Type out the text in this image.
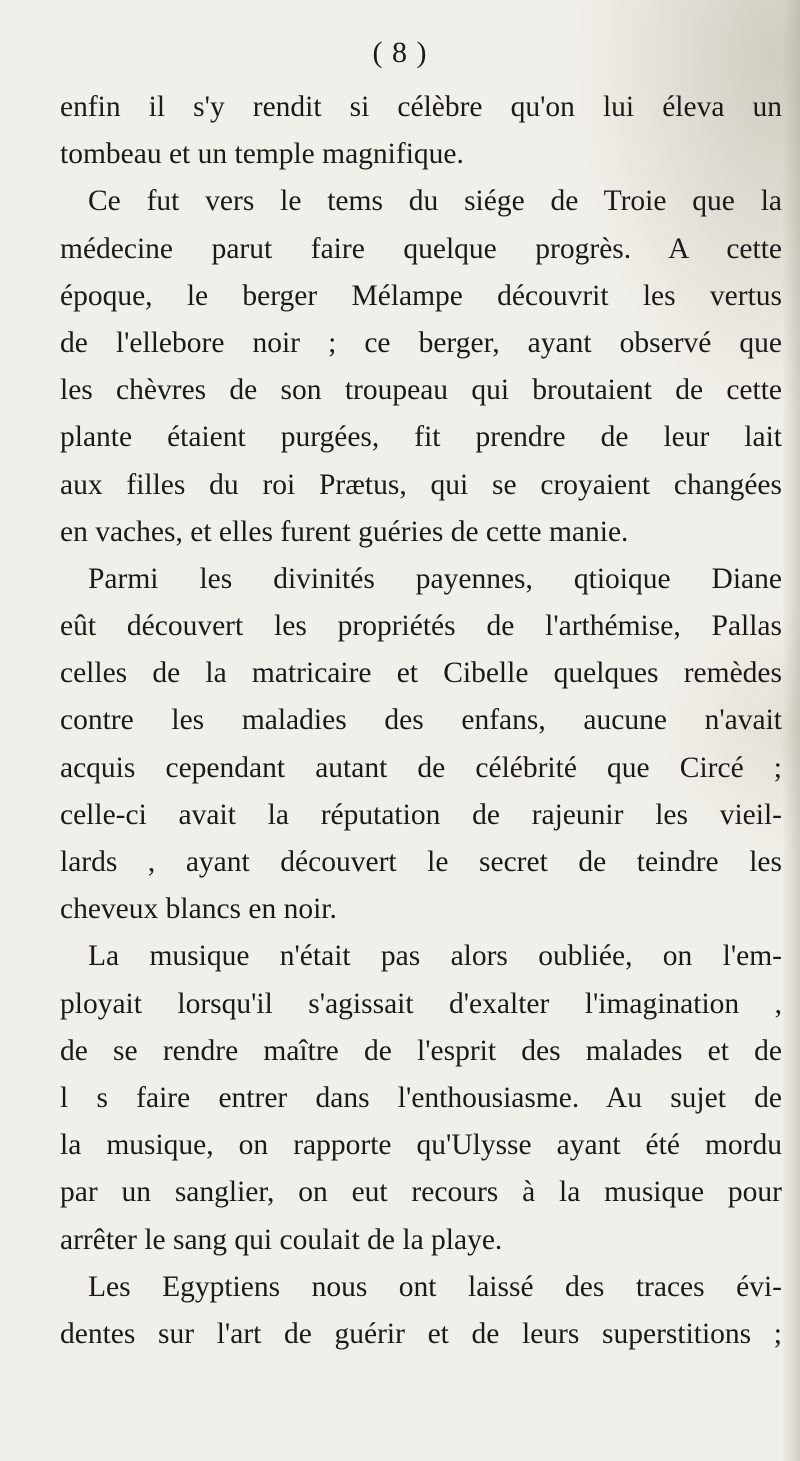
( 8 )
enfin il s'y rendit si célèbre qu'on lui éleva un
tombeau et un temple magnifique.
Ce fut vers le tems du siége de Troie que la
médecine parut faire quelque progrès. A cette
époque, le berger Mélampe découvrit les vertus
de l'ellebore noir ; ce berger, ayant observé que
les chèvres de son troupeau qui broutaient de cette
plante étaient purgées, fit prendre de leur lait
aux filles du roi Prætus, qui se croyaient changées
en vaches, et elles furent guéries de cette manie.
Parmi les divinités payennes, qtioique Diane
eût découvert les propriétés de l'arthémise, Pallas
celles de la matricaire et Cibelle quelques remèdes
contre les maladies des enfans, aucune n'avait
acquis cependant autant de célébrité que Circé ;
celle-ci avait la réputation de rajeunir les vieil-
lards , ayant découvert le secret de teindre les
cheveux blancs en noir.
La musique n'était pas alors oubliée, on l'em-
ployait lorsqu'il s'agissait d'exalter l'imagination ,
de se rendre maître de l'esprit des malades et de
l s faire entrer dans l'enthousiasme. Au sujet de
la musique, on rapporte qu'Ulysse ayant été mordu
par un sanglier, on eut recours à la musique pour
arrêter le sang qui coulait de la playe.
Les Egyptiens nous ont laissé des traces évi-
dentes sur l'art de guérir et de leurs superstitions ;
